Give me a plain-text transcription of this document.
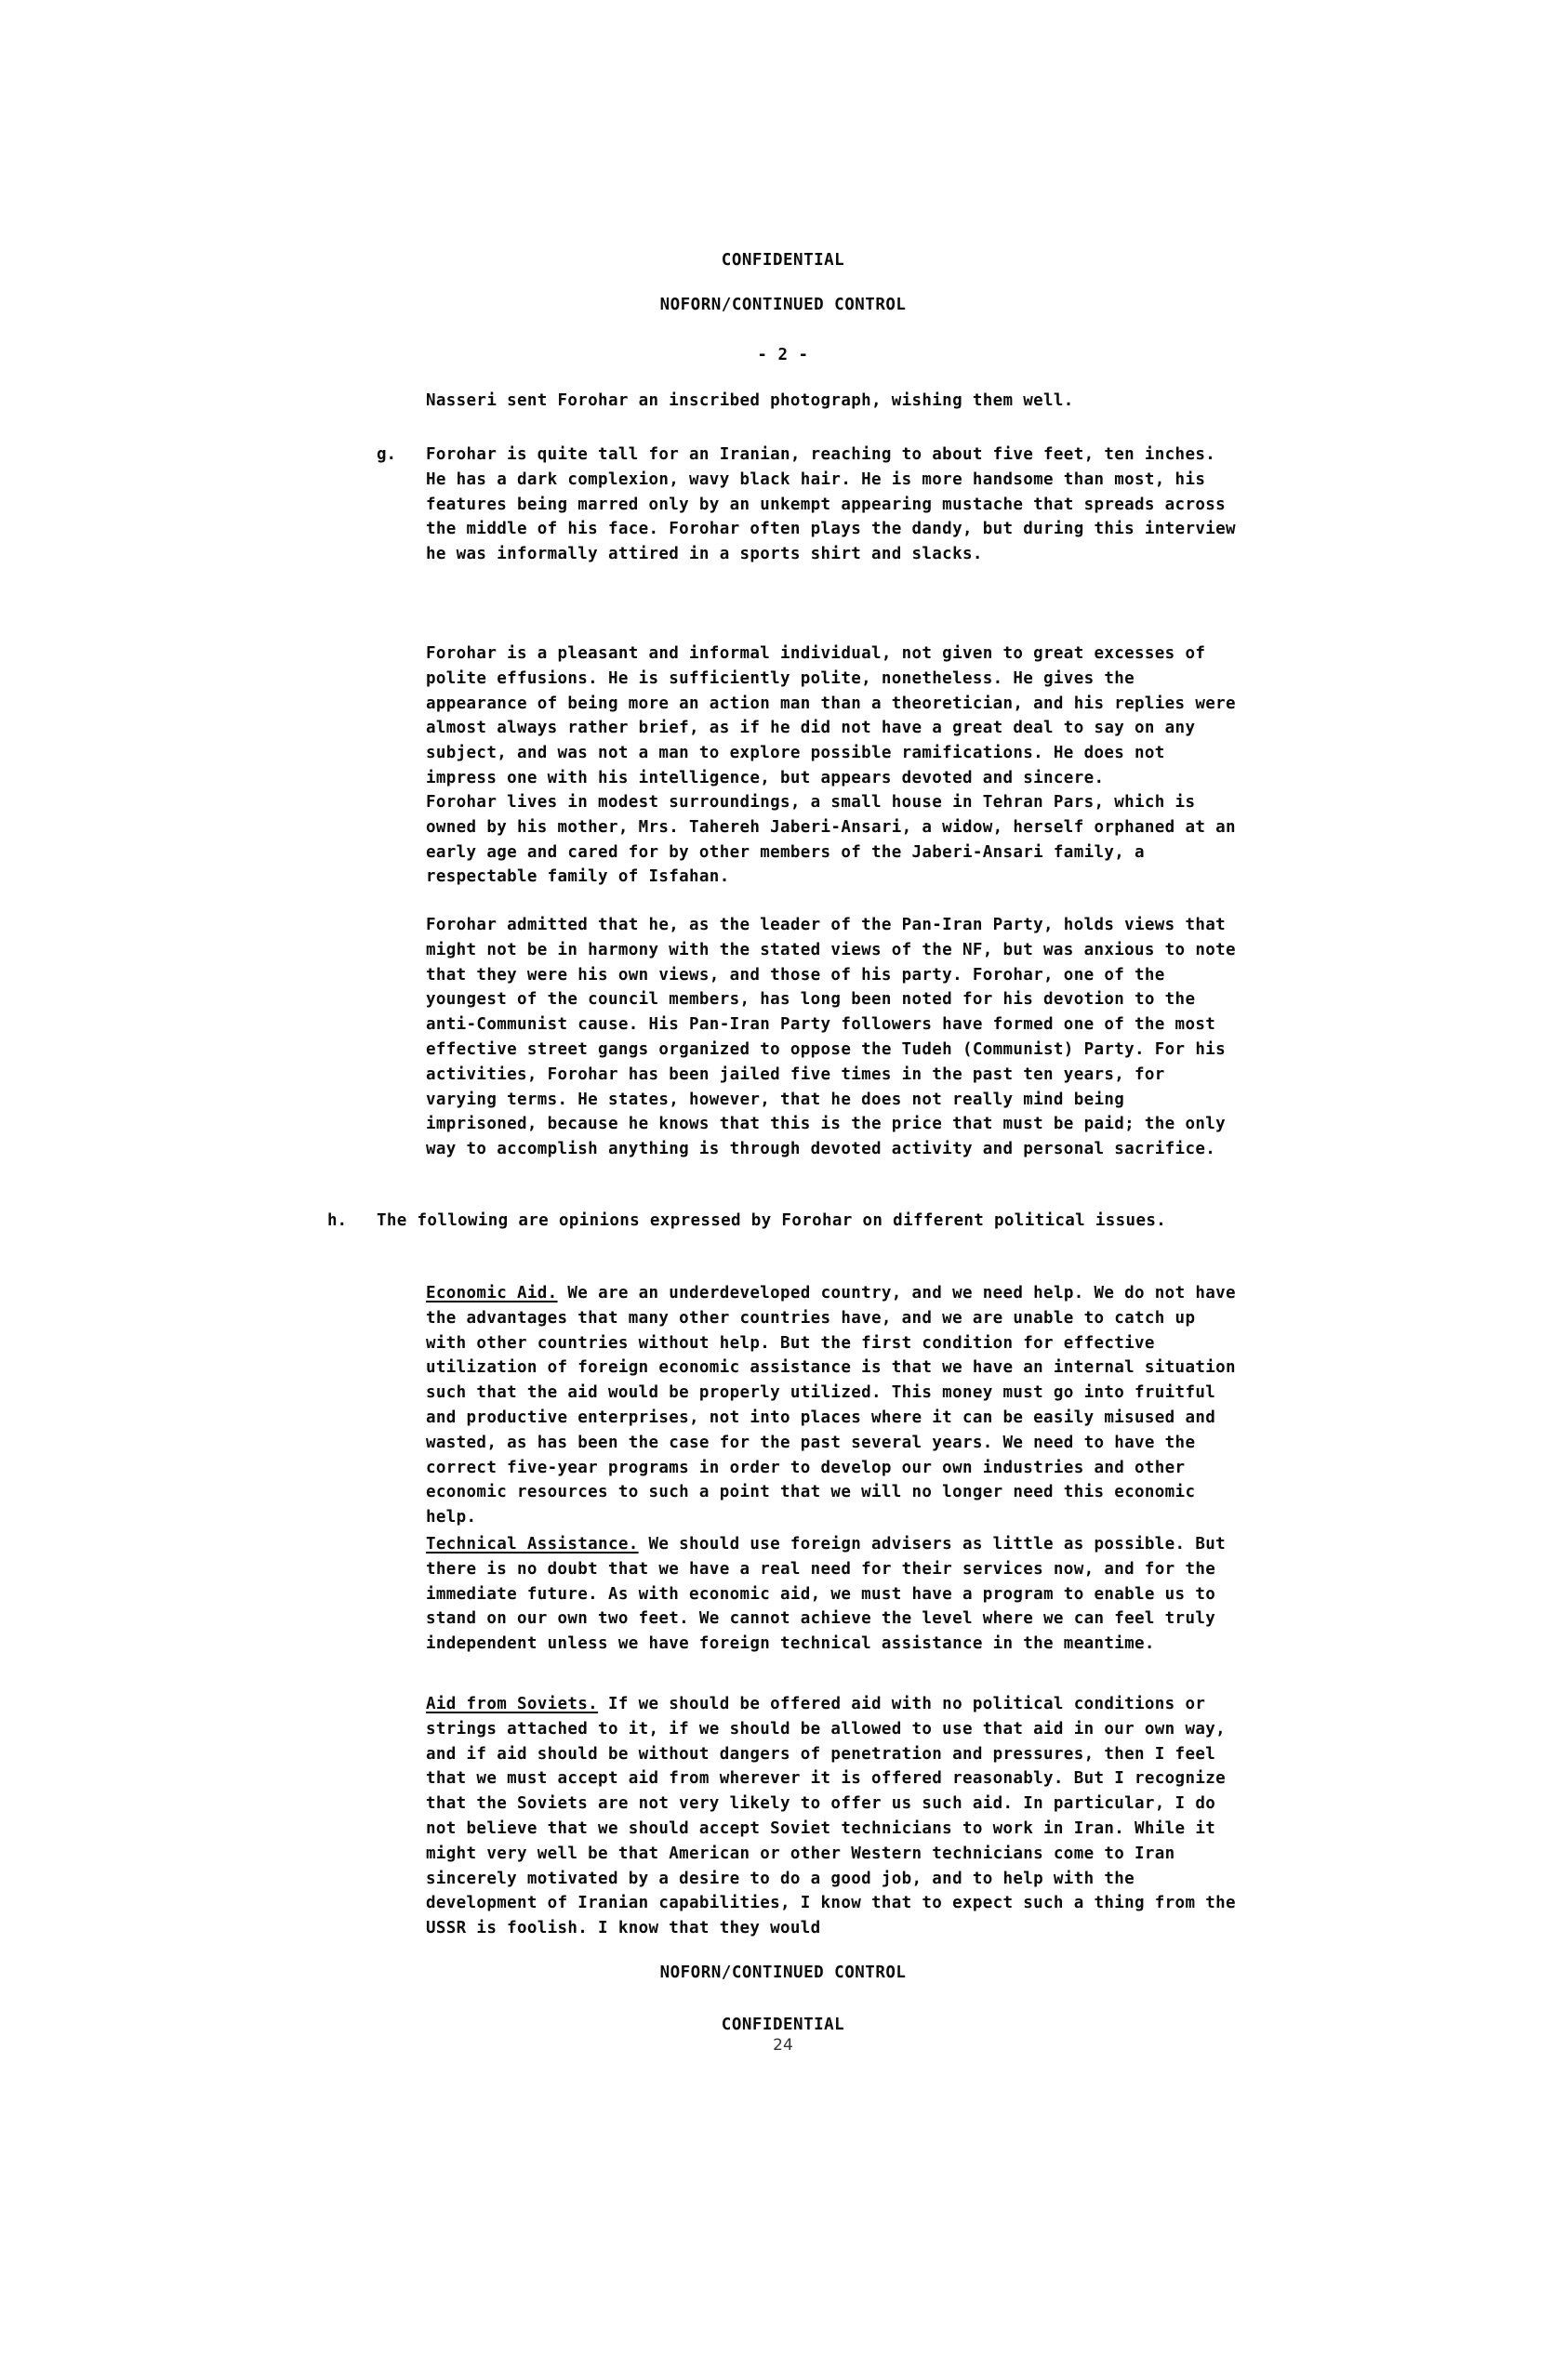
CONFIDENTIAL
NOFORN/CONTINUED CONTROL
- 2 -
Nasseri sent Forohar an inscribed photograph, wishing them well.
g. Forohar is quite tall for an Iranian, reaching to about five feet, ten inches. He has a dark complexion, wavy black hair. He is more handsome than most, his features being marred only by an unkempt appearing mustache that spreads across the middle of his face. Forohar often plays the dandy, but during this interview he was informally attired in a sports shirt and slacks.
Forohar is a pleasant and informal individual, not given to great excesses of polite effusions. He is sufficiently polite, nonetheless. He gives the appearance of being more an action man than a theoretician, and his replies were almost always rather brief, as if he did not have a great deal to say on any subject, and was not a man to explore possible ramifications. He does not impress one with his intelligence, but appears devoted and sincere.
Forohar lives in modest surroundings, a small house in Tehran Pars, which is owned by his mother, Mrs. Tahereh Jaberi-Ansari, a widow, herself orphaned at an early age and cared for by other members of the Jaberi-Ansari family, a respectable family of Isfahan.
Forohar admitted that he, as the leader of the Pan-Iran Party, holds views that might not be in harmony with the stated views of the NF, but was anxious to note that they were his own views, and those of his party. Forohar, one of the youngest of the council members, has long been noted for his devotion to the anti-Communist cause. His Pan-Iran Party followers have formed one of the most effective street gangs organized to oppose the Tudeh (Communist) Party. For his activities, Forohar has been jailed five times in the past ten years, for varying terms. He states, however, that he does not really mind being imprisoned, because he knows that this is the price that must be paid; the only way to accomplish anything is through devoted activity and personal sacrifice.
h. The following are opinions expressed by Forohar on different political issues.
Economic Aid. We are an underdeveloped country, and we need help. We do not have the advantages that many other countries have, and we are unable to catch up with other countries without help. But the first condition for effective utilization of foreign economic assistance is that we have an internal situation such that the aid would be properly utilized. This money must go into fruitful and productive enterprises, not into places where it can be easily misused and wasted, as has been the case for the past several years. We need to have the correct five-year programs in order to develop our own industries and other economic resources to such a point that we will no longer need this economic help.
Technical Assistance. We should use foreign advisers as little as possible. But there is no doubt that we have a real need for their services now, and for the immediate future. As with economic aid, we must have a program to enable us to stand on our own two feet. We cannot achieve the level where we can feel truly independent unless we have foreign technical assistance in the meantime.
Aid from Soviets. If we should be offered aid with no political conditions or strings attached to it, if we should be allowed to use that aid in our own way, and if aid should be without dangers of penetration and pressures, then I feel that we must accept aid from wherever it is offered reasonably. But I recognize that the Soviets are not very likely to offer us such aid. In particular, I do not believe that we should accept Soviet technicians to work in Iran. While it might very well be that American or other Western technicians come to Iran sincerely motivated by a desire to do a good job, and to help with the development of Iranian capabilities, I know that to expect such a thing from the USSR is foolish. I know that they would
NOFORN/CONTINUED CONTROL
CONFIDENTIAL
24
